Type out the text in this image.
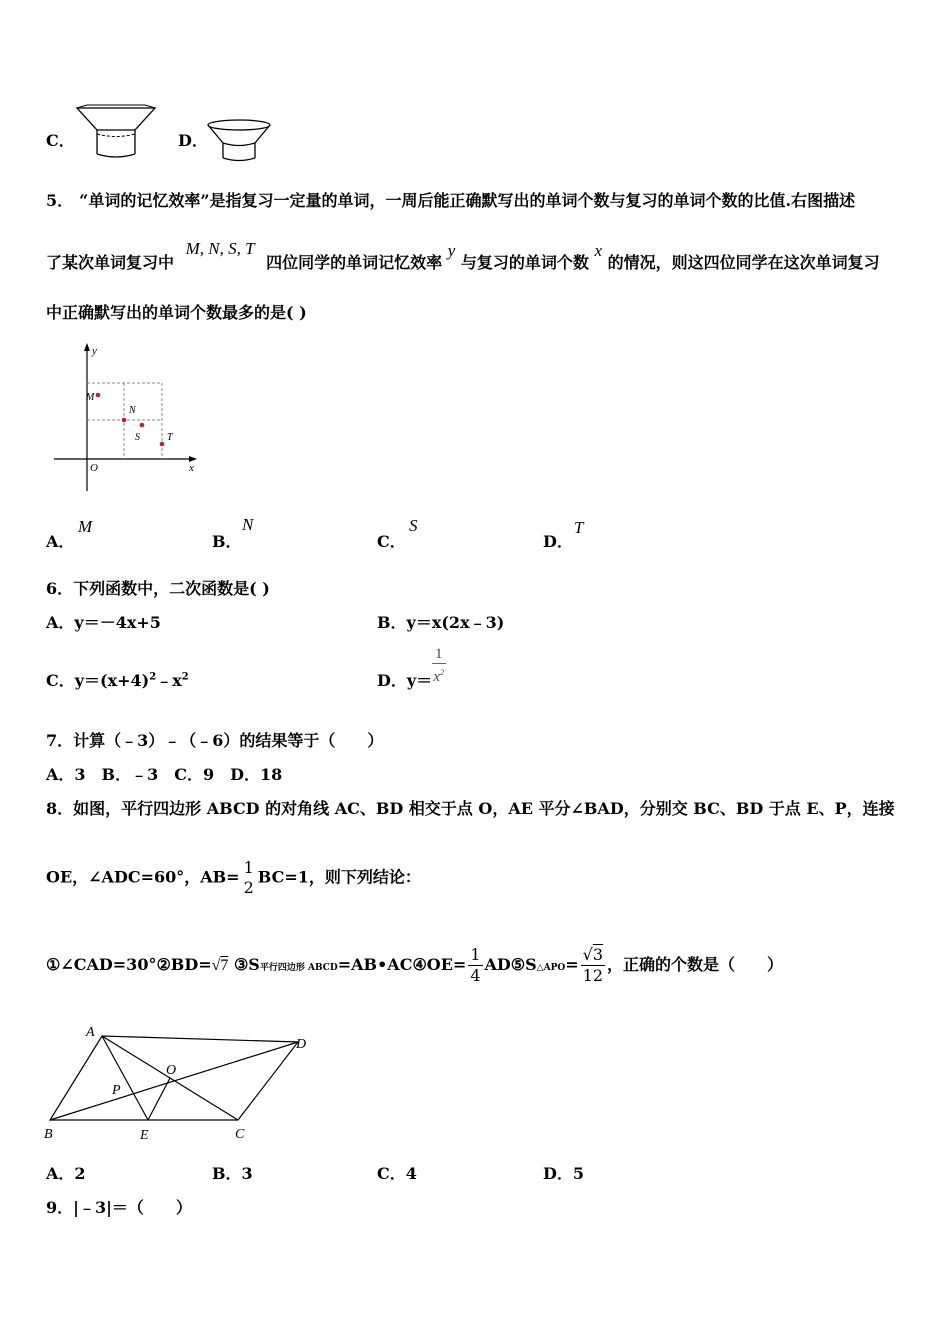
C．	D．
5． “单词的记忆效率”是指复习一定量的单词，一周后能正确默写出的单词个数与复习的单词个数的比值.右图描述
了某次单词复习中 M, N, S, T 四位同学的单词记忆效率 y 与复习的单词个数 x 的情况，则这四位同学在这次单词复习
中正确默写出的单词个数最多的是( )
y
x
O
M
N
S	T
A．
M
B．
N
C．
S
D．
T
6．下列函数中，二次函数是( )
A．y＝－4x+5	B．y＝x(2x﹣3)
C．$y=(x+4)^2﹣x^2$	D．$y= \frac{1}{x^2}$
7．计算（﹣3）﹣（﹣6）的结果等于（　　）
A．3　B．﹣3　C．9　D．18
8．如图，平行四边形 ABCD 的对角线 AC、BD 相交于点 O，AE 平分∠BAD，分别交 BC、BD 于点 E、P，连接
OE，∠ADC=60°，AB= 1
2
BC=1，则下列结论：
①∠CAD=30°②BD=√7 ③S平行四边形 ABCD=AB•AC④OE= $\frac{1}{4}$ AD⑤S△APO= $\frac{√3}{12}$ ，正确的个数是（　　）
A
B	C
D
O
P
E
A．2	B．3	C．4	D．5
9．|﹣3|＝（　　）
